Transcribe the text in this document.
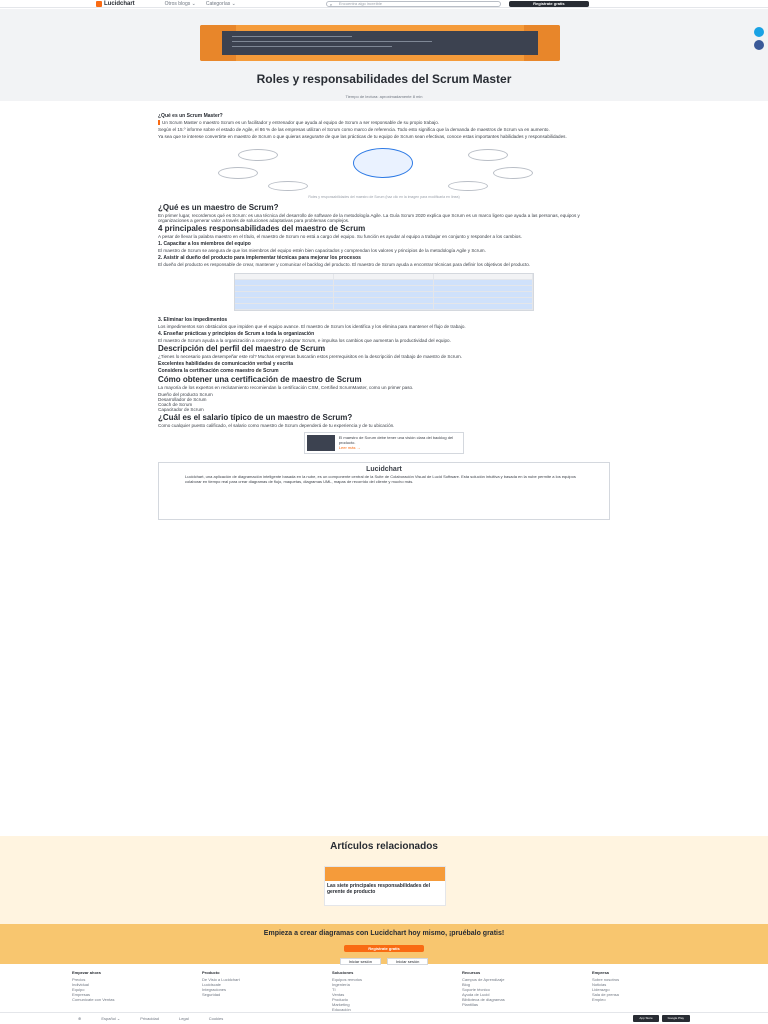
Lucidchart	Otros blogs ⌄ Categorías ⌄	⌕ Encuentra algo increíble	Regístrate gratis
Roles y responsabilidades del Scrum Master
Tiempo de lectura: aproximadamente 8 min
¿Qué es un Scrum Master?
Un Scrum Master o maestro Scrum es un facilitador y entrenador que ayuda al equipo de Scrum a ser responsable de su propio trabajo.
Según el 15.º informe sobre el estado de Agile, el 86 % de las empresas utilizan el Scrum como marco de referencia. Todo esto significa que la demanda de maestros de Scrum va en aumento.
Ya sea que te interese convertirte en maestro de Scrum o que quieras asegurarte de que las prácticas de tu equipo de Scrum sean efectivas, conoce estas importantes habilidades y responsabilidades.
Roles y responsabilidades del maestro de Scrum (haz clic en la imagen para modificarla en línea)
¿Qué es un maestro de Scrum?
En primer lugar, recordemos qué es Scrum: es una técnica del desarrollo de software de la metodología Agile. La Guía Scrum 2020 explica que Scrum es un marco ligero que ayuda a las personas, equipos y organizaciones a generar valor a través de soluciones adaptativas para problemas complejos.
4 principales responsabilidades del maestro de Scrum
A pesar de llevar la palabra maestro en el título, el maestro de Scrum no está a cargo del equipo. Su función es ayudar al equipo a trabajar en conjunto y responder a los cambios.
1. Capacitar a los miembros del equipo
El maestro de Scrum se asegura de que los miembros del equipo estén bien capacitados y comprendan los valores y principios de la metodología Agile y Scrum.
2. Asistir al dueño del producto para implementar técnicas para mejorar los procesos
El dueño del producto es responsable de crear, mantener y comunicar el backlog del producto. El maestro de Scrum ayuda a encontrar técnicas para definir los objetivos del producto.
3. Eliminar los impedimentos
Los impedimentos son obstáculos que impiden que el equipo avance. El maestro de Scrum los identifica y los elimina para mantener el flujo de trabajo.
4. Enseñar prácticas y principios de Scrum a toda la organización
El maestro de Scrum ayuda a la organización a comprender y adoptar Scrum, e impulsa los cambios que aumentan la productividad del equipo.
Descripción del perfil del maestro de Scrum
¿Tienes lo necesario para desempeñar este rol? Muchas empresas buscarán estos prerrequisitos en la descripción del trabajo de maestro de Scrum.
Excelentes habilidades de comunicación verbal y escrita
Considera la certificación como maestro de Scrum
Cómo obtener una certificación de maestro de Scrum
La mayoría de los expertos en reclutamiento recomiendan la certificación CSM, Certified ScrumMaster, como un primer paso.
Dueño del producto Scrum
Desarrollador de Scrum
Coach de Scrum
Capacitador de Scrum
¿Cuál es el salario típico de un maestro de Scrum?
Como cualquier puesto calificado, el salario como maestro de Scrum dependerá de tu experiencia y de tu ubicación.
El maestro de Scrum debe tener una visión clara del backlog del producto.
Leer más →
Lucidchart
Lucidchart, una aplicación de diagramación inteligente basada en la nube, es un componente central de la Suite de Colaboración Visual de Lucid Software. Esta solución intuitiva y basada en la nube permite a los equipos colaborar en tiempo real para crear diagramas de flujo, maquetas, diagramas UML, mapas de recorrido del cliente y mucho más.
Artículos relacionados
Las siete principales responsabilidades del gerente de producto
Empieza a crear diagramas con Lucidchart hoy mismo, ¡pruébalo gratis!
Regístrate gratis
Iniciar sesión	Iniciar sesión
Empezar ahora
Precios
Individual
Equipo
Empresas
Comunícate con Ventas
Producto
De Visio a Lucidchart
Lucidscale
Integraciones
Seguridad
Soluciones
Equipos remotos
Ingeniería
TI
Ventas
Producto
Marketing
Educación
Recursos
Campus de Aprendizaje
Blog
Soporte técnico
Ayuda de Lucid
Biblioteca de diagramas
Plantillas
Empresa
Sobre nosotros
Noticias
Liderazgo
Sala de prensa
Empleo
⊕	Español ⌄	Privacidad	Legal	Cookies	App Store	Google Play
